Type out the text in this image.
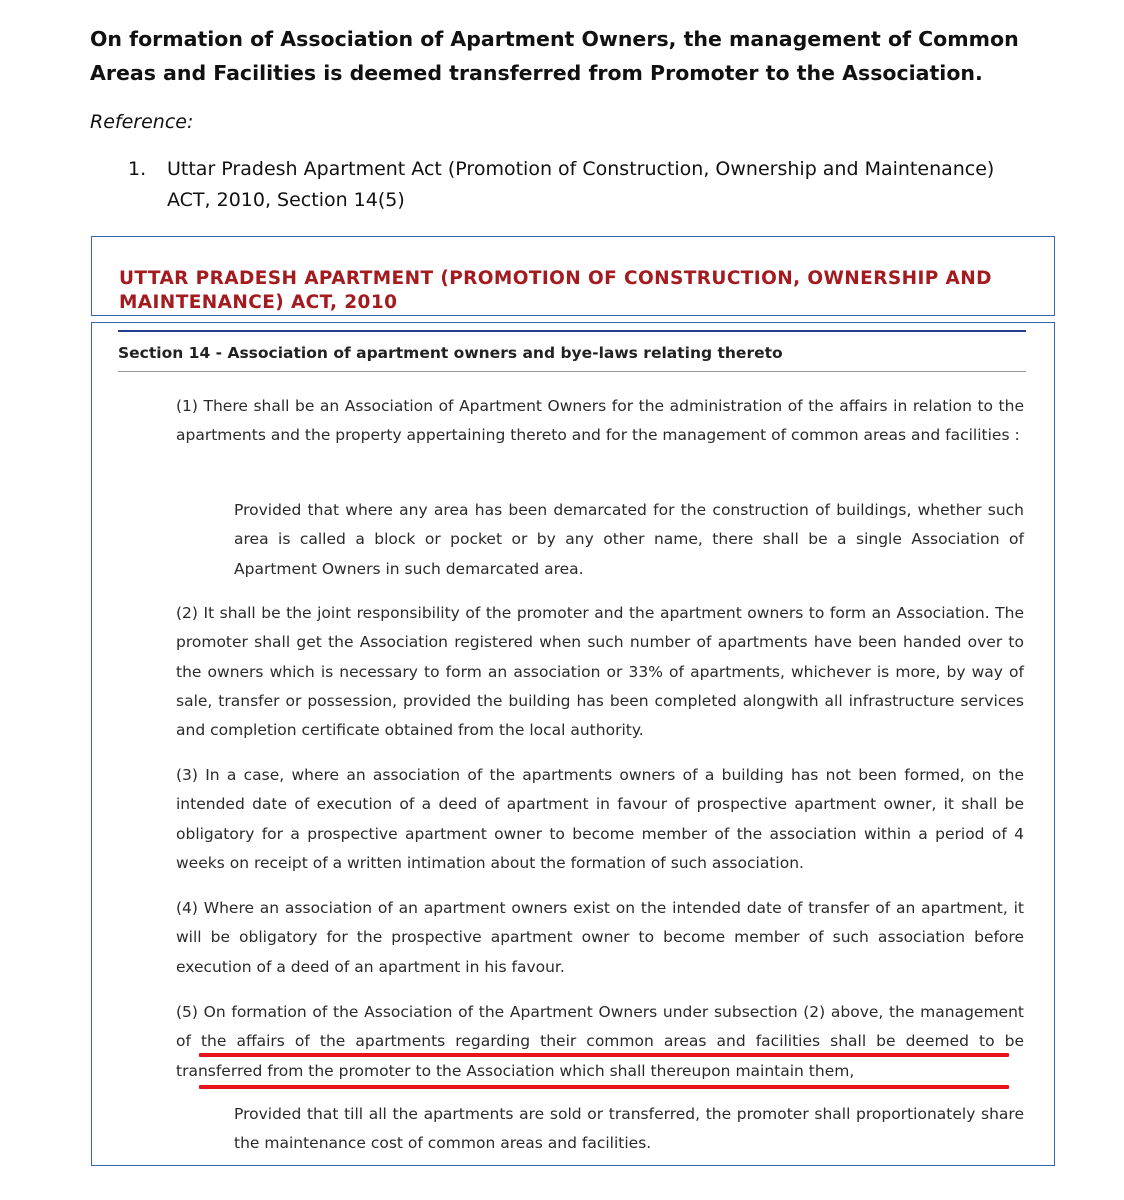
On formation of Association of Apartment Owners, the management of Common Areas and Facilities is deemed transferred from Promoter to the Association.
Reference:
1.	Uttar Pradesh Apartment Act (Promotion of Construction, Ownership and Maintenance) ACT, 2010, Section 14(5)
UTTAR PRADESH APARTMENT (PROMOTION OF CONSTRUCTION, OWNERSHIP AND MAINTENANCE) ACT, 2010
Section 14 - Association of apartment owners and bye-laws relating thereto

(1) There shall be an Association of Apartment Owners for the administration of the affairs in relation to the apartments and the property appertaining thereto and for the management of common areas and facilities :

Provided that where any area has been demarcated for the construction of buildings, whether such area is called a block or pocket or by any other name, there shall be a single Association of Apartment Owners in such demarcated area.

(2) It shall be the joint responsibility of the promoter and the apartment owners to form an Association. The promoter shall get the Association registered when such number of apartments have been handed over to the owners which is necessary to form an association or 33% of apartments, whichever is more, by way of sale, transfer or possession, provided the building has been completed alongwith all infrastructure services and completion certificate obtained from the local authority.

(3) In a case, where an association of the apartments owners of a building has not been formed, on the intended date of execution of a deed of apartment in favour of prospective apartment owner, it shall be obligatory for a prospective apartment owner to become member of the association within a period of 4 weeks on receipt of a written intimation about the formation of such association.

(4) Where an association of an apartment owners exist on the intended date of transfer of an apartment, it will be obligatory for the prospective apartment owner to become member of such association before execution of a deed of an apartment in his favour.

(5) On formation of the Association of the Apartment Owners under subsection (2) above, the management of the affairs of the apartments regarding their common areas and facilities shall be deemed to be transferred from the promoter to the Association which shall thereupon maintain them,

Provided that till all the apartments are sold or transferred, the promoter shall proportionately share the maintenance cost of common areas and facilities.
